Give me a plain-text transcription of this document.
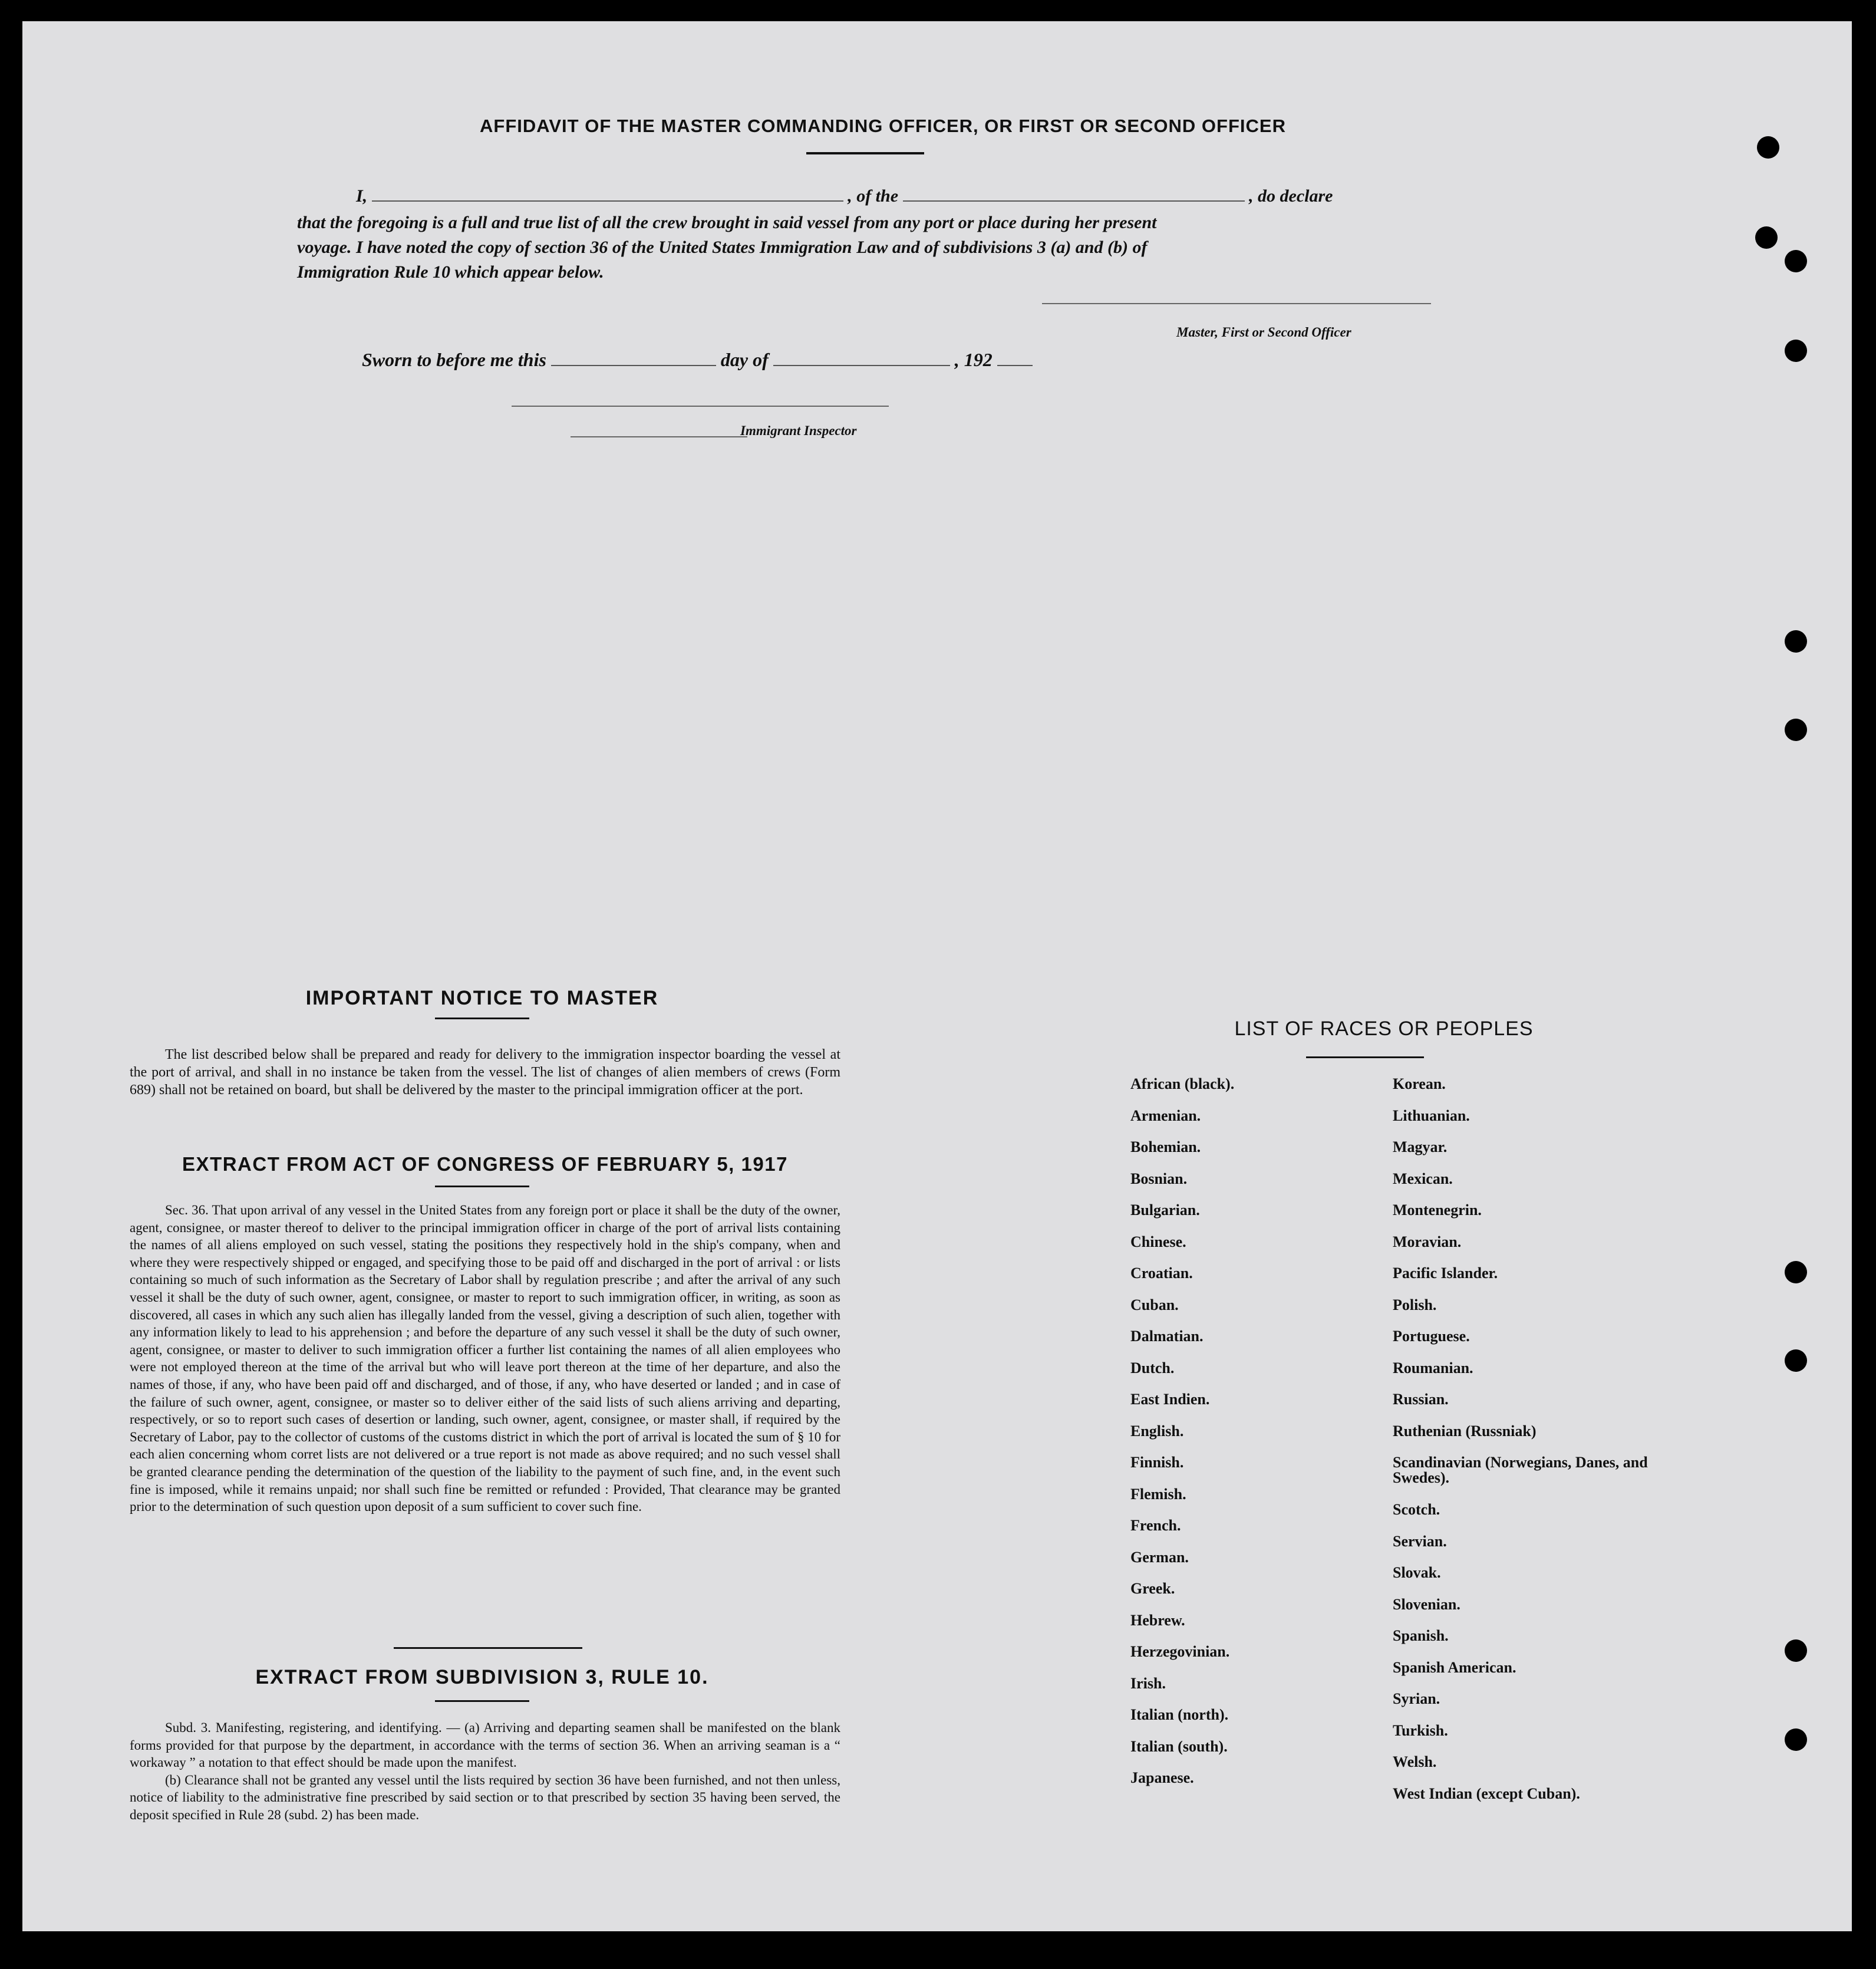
AFFIDAVIT OF THE MASTER COMMANDING OFFICER, OR FIRST OR SECOND OFFICER
I,	, of the	, do declare
that the foregoing is a full and true list of all the crew brought in said vessel from any port or place during her present
voyage. I have noted the copy of section 36 of the United States Immigration Law and of subdivisions 3 (a) and (b) of
Immigration Rule 10 which appear below.
Master, First or Second Officer
Sworn to before me this	day of	, 192
Immigrant Inspector
IMPORTANT NOTICE TO MASTER

The list described below shall be prepared and ready for delivery to the immigration inspector boarding the vessel at the port of arrival, and shall in no instance be taken from the vessel. The list of changes of alien members of crews (Form 689) shall not be retained on board, but shall be delivered by the master to the principal immigration officer at the port.

EXTRACT FROM ACT OF CONGRESS OF FEBRUARY 5, 1917

Sec. 36. That upon arrival of any vessel in the United States from any foreign port or place it shall be the duty of the owner, agent, consignee, or master thereof to deliver to the principal immigration officer in charge of the port of arrival lists containing the names of all aliens employed on such vessel, stating the positions they respectively hold in the ship's company, when and where they were respectively shipped or engaged, and specifying those to be paid off and discharged in the port of arrival : or lists containing so much of such information as the Secretary of Labor shall by regulation prescribe ; and after the arrival of any such vessel it shall be the duty of such owner, agent, consignee, or master to report to such immigration officer, in writing, as soon as discovered, all cases in which any such alien has illegally landed from the vessel, giving a description of such alien, together with any information likely to lead to his apprehension ; and before the departure of any such vessel it shall be the duty of such owner, agent, consignee, or master to deliver to such immigration officer a further list containing the names of all alien employees who were not employed thereon at the time of the arrival but who will leave port thereon at the time of her departure, and also the names of those, if any, who have been paid off and discharged, and of those, if any, who have deserted or landed ; and in case of the failure of such owner, agent, consignee, or master so to deliver either of the said lists of such aliens arriving and departing, respectively, or so to report such cases of desertion or landing, such owner, agent, consignee, or master shall, if required by the Secretary of Labor, pay to the collector of customs of the customs district in which the port of arrival is located the sum of § 10 for each alien concerning whom corret lists are not delivered or a true report is not made as above required; and no such vessel shall be granted clearance pending the determination of the question of the liability to the payment of such fine, and, in the event such fine is imposed, while it remains unpaid; nor shall such fine be remitted or refunded : Provided, That clearance may be granted prior to the determination of such question upon deposit of a sum sufficient to cover such fine.

EXTRACT FROM SUBDIVISION 3, RULE 10.

Subd. 3. Manifesting, registering, and identifying. — (a) Arriving and departing seamen shall be manifested on the blank forms provided for that purpose by the department, in accordance with the terms of section 36. When an arriving seaman is a “ workaway ” a notation to that effect should be made upon the manifest.

(b) Clearance shall not be granted any vessel until the lists required by section 36 have been furnished, and not then unless, notice of liability to the administrative fine prescribed by said section or to that prescribed by section 35 having been served, the deposit specified in Rule 28 (subd. 2) has been made.

LIST OF RACES OR PEOPLES
African (black).
Armenian.
Bohemian.
Bosnian.
Bulgarian.
Chinese.
Croatian.
Cuban.
Dalmatian.
Dutch.
East Indien.
English.
Finnish.
Flemish.
French.
German.
Greek.
Hebrew.
Herzegovinian.
Irish.
Italian (north).
Italian (south).
Japanese.
Korean.
Lithuanian.
Magyar.
Mexican.
Montenegrin.
Moravian.
Pacific Islander.
Polish.
Portuguese.
Roumanian.
Russian.
Ruthenian (Russniak)
Scandinavian (Norwegians, Danes, and Swedes).
Scotch.
Servian.
Slovak.
Slovenian.
Spanish.
Spanish American.
Syrian.
Turkish.
Welsh.
West Indian (except Cuban).
